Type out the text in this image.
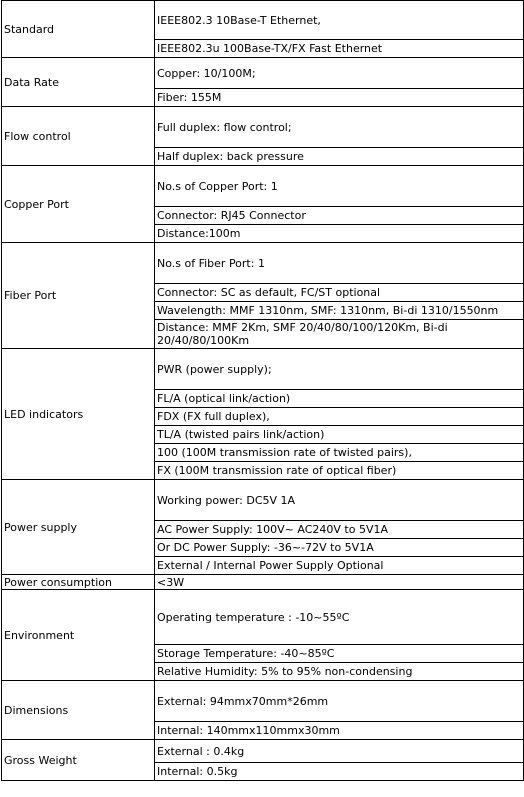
Standard	IEEE802.3 10Base-T Ethernet,
	IEEE802.3u 100Base-TX/FX Fast Ethernet
Data Rate	Copper: 10/100M;
	Fiber: 155M
Flow control	Full duplex: flow control;
	Half duplex: back pressure
Copper Port	No.s of Copper Port: 1
	Connector: RJ45 Connector
	Distance:100m
Fiber Port	No.s of Fiber Port: 1
	Connector: SC as default, FC/ST optional
	Wavelength: MMF 1310nm, SMF: 1310nm, Bi-di 1310/1550nm
	Distance: MMF 2Km, SMF 20/40/80/100/120Km, Bi-di 20/40/80/100Km
LED indicators	PWR (power supply);
	FL/A (optical link/action)
	FDX (FX full duplex),
	TL/A (twisted pairs link/action)
	100 (100M transmission rate of twisted pairs),
	FX (100M transmission rate of optical fiber)
Power supply	Working power: DC5V 1A
	AC Power Supply: 100V~ AC240V to 5V1A
	Or DC Power Supply: -36~-72V to 5V1A
	External / Internal Power Supply Optional
Power consumption	<3W
Environment	Operating temperature : -10~55ºC
	Storage Temperature: -40~85ºC
	Relative Humidity: 5% to 95% non-condensing
Dimensions	External: 94mmx70mm*26mm
	Internal: 140mmx110mmx30mm
Gross Weight	External : 0.4kg
	Internal: 0.5kg
